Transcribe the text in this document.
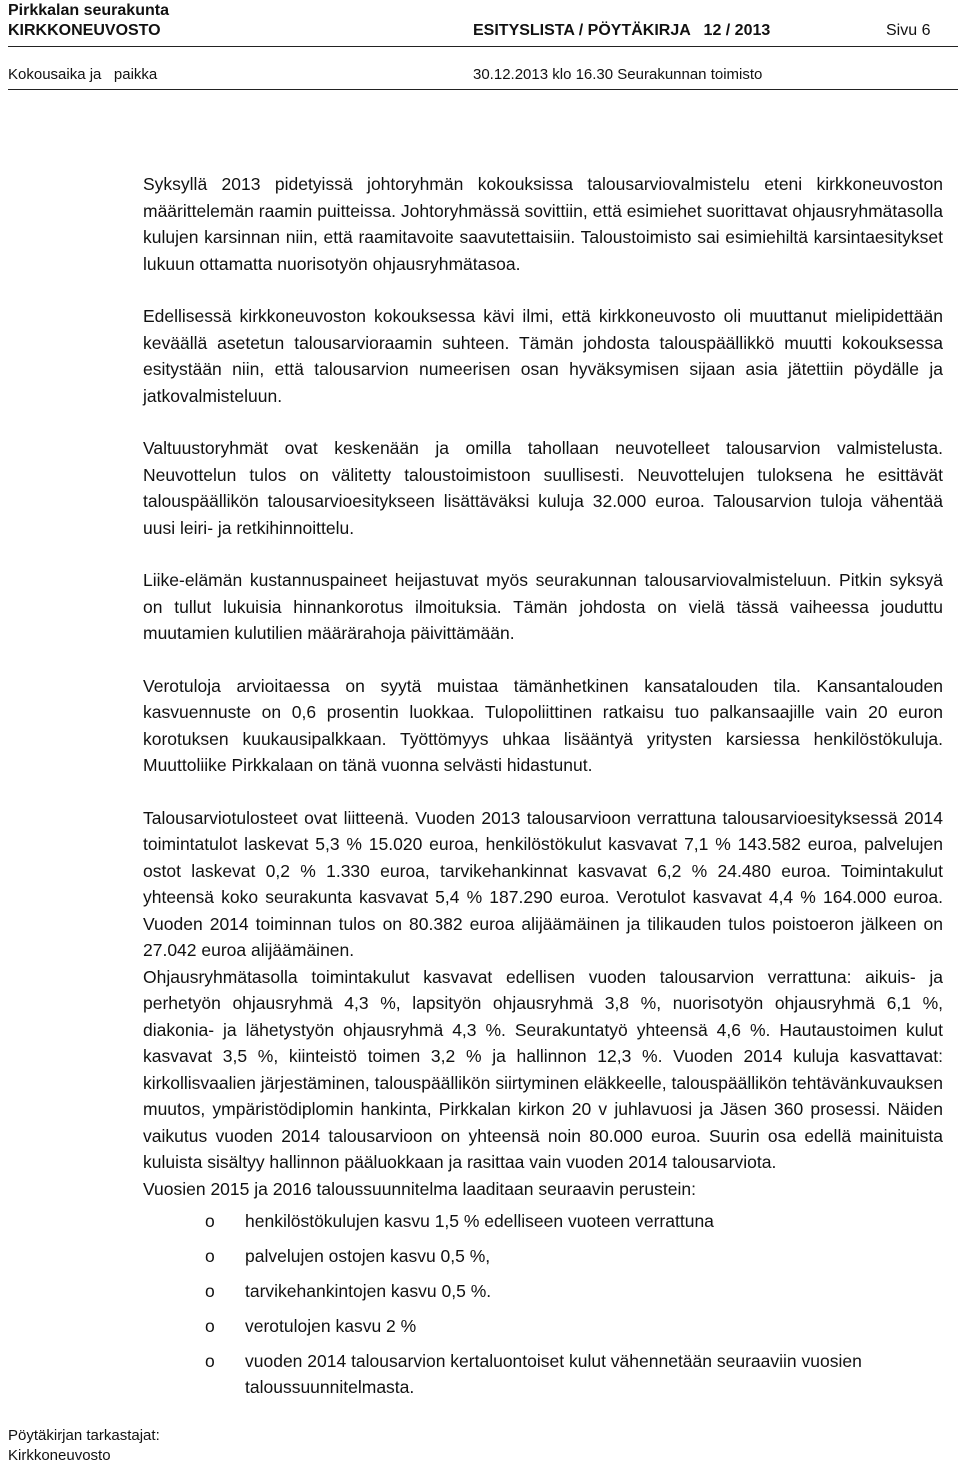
Pirkkalan seurakunta
KIRKKONEUVOSTO	ESITYSLISTA / PÖYTÄKIRJA   12 / 2013	Sivu 6
Kokousaika ja   paikka	30.12.2013 klo 16.30 Seurakunnan toimisto

Syksyllä 2013 pidetyissä johtoryhmän kokouksissa talousarviovalmistelu eteni kirkkoneuvoston määrittelemän raamin puitteissa. Johtoryhmässä sovittiin, että esimiehet suorittavat ohjausryhmätasolla kulujen karsinnan niin, että raamitavoite saavutettaisiin. Taloustoimisto sai esimiehiltä karsintaesitykset lukuun ottamatta nuorisotyön ohjausryhmätasoa.

Edellisessä kirkkoneuvoston kokouksessa kävi ilmi, että kirkkoneuvosto oli muuttanut mielipidettään keväällä asetetun talousarvioraamin suhteen. Tämän johdosta talouspäällikkö muutti kokouksessa esitystään niin, että talousarvion numeerisen osan hyväksymisen sijaan asia jätettiin pöydälle ja jatkovalmisteluun.

Valtuustoryhmät ovat keskenään ja omilla tahollaan neuvotelleet talousarvion valmistelusta. Neuvottelun tulos on välitetty taloustoimistoon suullisesti. Neuvottelujen tuloksena he esittävät talouspäällikön talousarvioesitykseen lisättäväksi kuluja 32.000 euroa. Talousarvion tuloja vähentää uusi leiri- ja retkihinnoittelu.

Liike-elämän kustannuspaineet heijastuvat myös seurakunnan talousarviovalmisteluun. Pitkin syksyä on tullut lukuisia hinnankorotus ilmoituksia. Tämän johdosta on vielä tässä vaiheessa jouduttu muutamien kulutilien määrärahoja päivittämään.

Verotuloja arvioitaessa on syytä muistaa tämänhetkinen kansatalouden tila. Kansantalouden kasvuennuste on 0,6 prosentin luokkaa. Tulopoliittinen ratkaisu tuo palkansaajille vain 20 euron korotuksen kuukausipalkkaan. Työttömyys uhkaa lisääntyä yritysten karsiessa henkilöstökuluja. Muuttoliike Pirkkalaan on tänä vuonna selvästi hidastunut.

Talousarviotulosteet ovat liitteenä. Vuoden 2013 talousarvioon verrattuna talousarvioesityksessä 2014 toimintatulot laskevat 5,3 % 15.020 euroa, henkilöstökulut kasvavat 7,1 % 143.582 euroa, palvelujen ostot laskevat 0,2 % 1.330 euroa, tarvikehankinnat kasvavat 6,2 % 24.480 euroa. Toimintakulut yhteensä koko seurakunta kasvavat 5,4 % 187.290 euroa. Verotulot kasvavat 4,4 % 164.000 euroa. Vuoden 2014 toiminnan tulos on 80.382 euroa alijäämäinen ja tilikauden tulos poistoeron jälkeen on 27.042 euroa alijäämäinen.

Ohjausryhmätasolla toimintakulut kasvavat edellisen vuoden talousarvion verrattuna: aikuis- ja perhetyön ohjausryhmä 4,3 %, lapsityön ohjausryhmä 3,8 %, nuorisotyön ohjausryhmä 6,1 %, diakonia- ja lähetystyön ohjausryhmä 4,3 %. Seurakuntatyö yhteensä 4,6 %. Hautaustoimen kulut kasvavat 3,5 %, kiinteistö toimen 3,2 % ja hallinnon 12,3 %. Vuoden 2014 kuluja kasvattavat: kirkollisvaalien järjestäminen, talouspäällikön siirtyminen eläkkeelle, talouspäällikön tehtävänkuvauksen muutos, ympäristödiplomin hankinta, Pirkkalan kirkon 20 v juhlavuosi ja Jäsen 360 prosessi. Näiden vaikutus vuoden 2014 talousarvioon on yhteensä noin 80.000 euroa. Suurin osa edellä mainituista kuluista sisältyy hallinnon pääluokkaan ja rasittaa vain vuoden 2014 talousarviota.

Vuosien 2015 ja 2016 taloussuunnitelma laaditaan seuraavin perustein:

o henkilöstökulujen kasvu 1,5 % edelliseen vuoteen verrattuna
o palvelujen ostojen kasvu 0,5 %,
o tarvikehankintojen kasvu 0,5 %.
o verotulojen kasvu 2 %
o vuoden 2014 talousarvion kertaluontoiset kulut vähennetään seuraaviin vuosien taloussuunnitelmasta.
Pöytäkirjan tarkastajat:
Kirkkoneuvosto
